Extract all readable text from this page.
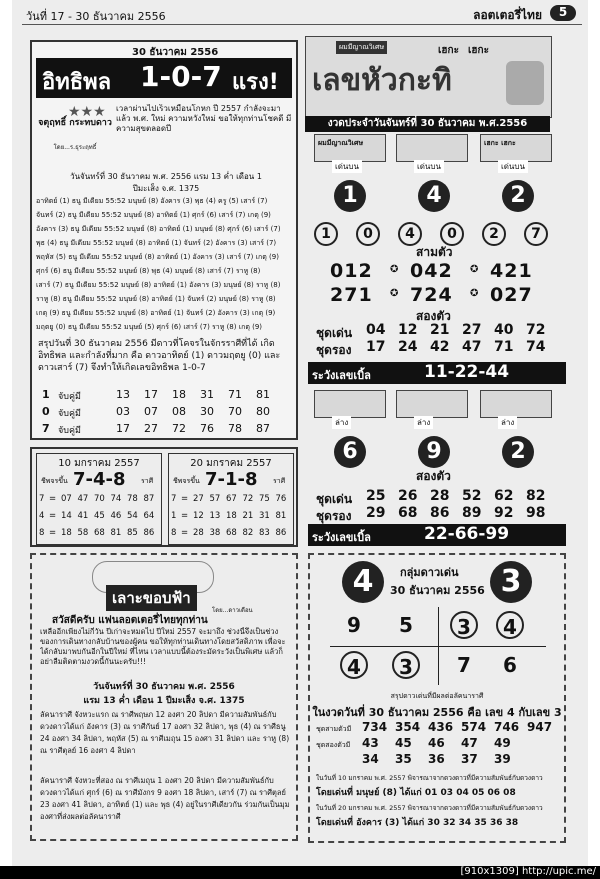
วันที่ 17 - 30 ธันวาคม 2556	ลอตเตอรี่ไทย	5
30 ธันวาคม 2556
อิทธิพล 1-0-7 แรง!
★★★
จตุฤทธิ์ กระทบดาว
โดย...ร.ธุระฤทธิ์
เวลาผ่านไปเร็วเหมือนโกหก ปี 2557 กำลังจะมาแล้ว พ.ศ. ใหม่ ความหวังใหม่ ขอให้ทุกท่านโชคดี มีความสุขตลอดปี
วันจันทร์ที่ 30 ธันวาคม พ.ศ. 2556 แรม 13 ค่ำ เดือน 1
ปีมะเส็ง จ.ศ. 1375
อาทิตย์ (1) ธนู มีเดียม 55:52 มนุษย์ (8) อังคาร (3) พุธ (4) ครู (5) เสาร์ (7)
จันทร์ (2) ธนู มีเดียม 55:52 มนุษย์ (8) อาทิตย์ (1) ศุกร์ (6) เสาร์ (7) เกตุ (9)
อังคาร (3) ธนู มีเดียม 55:52 มนุษย์ (8) อาทิตย์ (1) มนุษย์ (8) ศุกร์ (6) เสาร์ (7)
พุธ (4) ธนู มีเดียม 55:52 มนุษย์ (8) อาทิตย์ (1) จันทร์ (2) อังคาร (3) เสาร์ (7)
พฤหัส (5) ธนู มีเดียม 55:52 มนุษย์ (8) อาทิตย์ (1) อังคาร (3) เสาร์ (7) เกตุ (9)
ศุกร์ (6) ธนู มีเดียม 55:52 มนุษย์ (8) พุธ (4) มนุษย์ (8) เสาร์ (7) ราหู (8)
เสาร์ (7) ธนู มีเดียม 55:52 มนุษย์ (8) อาทิตย์ (1) อังคาร (3) มนุษย์ (8) ราหู (8)
ราหู (8) ธนู มีเดียม 55:52 มนุษย์ (8) อาทิตย์ (1) จันทร์ (2) มนุษย์ (8) ราหู (8)
เกตุ (9) ธนู มีเดียม 55:52 มนุษย์ (8) อาทิตย์ (1) จันทร์ (2) อังคาร (3) เกตุ (9)
มฤตยู (0) ธนู มีเดียม 55:52 มนุษย์ (5) ศุกร์ (6) เสาร์ (7) ราหู (8) เกตุ (9)
สรุปวันที่ 30 ธันวาคม 2556 มีดาวที่โคจรในจักรราศีที่ได้ เกิดอิทธิพล และกำลังที่มาก คือ ดาวอาทิตย์ (1) ดาวมฤตยู (0) และ ดาวเสาร์ (7) จึงทำให้เกิดเลขอิทธิพล 1-0-7
1 จับคู่มี	13 17 18 31 71 81
0 จับคู่มี	03 07 08 30 70 80
7 จับคู่มี	17 27 72 76 78 87
10 มกราคม 2557
ชีพจรขึ้น 7-4-8 ราศี
7 = 07 47 70 74 78 87
4 = 14 41 45 46 54 64
8 = 18 58 68 81 85 86
20 มกราคม 2557
ชีพจรขึ้น 7-1-8 ราศี
7 = 27 57 67 72 75 76
1 = 12 13 18 21 31 81
8 = 28 38 68 82 83 86
เลาะขอบฟ้า
โดย...ดาวเดือน
สวัสดีครับ แฟนลอตเตอรี่ไทยทุกท่าน
เหลืออีกเพียงไม่กี่วัน ปีเก่าจะหมดไป ปีใหม่ 2557 จะมาถึง ช่วงนี้จึงเป็นช่วงของการเดินทางกลับบ้านของผู้คน ขอให้ทุกท่านเดินทางโดยสวัสดิภาพ เพื่อจะได้กลับมาพบกันอีกในปีใหม่ ที่ไหน เวลาแบบนี้ต้องระมัดระวังเป็นพิเศษ แล้วก็อย่าลืมติดตามงวดนี้กันนะครับ!!!
วันจันทร์ที่ 30 ธันวาคม พ.ศ. 2556
แรม 13 ค่ำ เดือน 1 ปีมะเส็ง จ.ศ. 1375
ลัคนาราศี จังหวะแรก ณ ราศีพฤษภ 12 องศา 20 ลิปดา มีความสัมพันธ์กับดวงดาวได้แก่ อังคาร (3) ณ ราศีกันย์ 17 องศา 32 ลิปดา, พุธ (4) ณ ราศีธนู 24 องศา 34 ลิปดา, พฤหัส (5) ณ ราศีเมถุน 15 องศา 31 ลิปดา และ ราหู (8) ณ ราศีตุลย์ 16 องศา 4 ลิปดา
ลัคนาราศี จังหวะที่สอง ณ ราศีเมถุน 1 องศา 20 ลิปดา มีความสัมพันธ์กับดวงดาวได้แก่ ศุกร์ (6) ณ ราศีมังกร 9 องศา 18 ลิปดา, เสาร์ (7) ณ ราศีตุลย์ 23 องศา 41 ลิปดา, อาทิตย์ (1) และ พุธ (4) อยู่ในราศีเดียวกัน ร่วมกันเป็นมุมองศาที่ส่งผลต่อลัคนาราศี
ผมมีญาณวิเศษ	เฮกะ เฮกะ
เลขหัวกะทิ
งวดประจำวันจันทร์ที่ 30 ธันวาคม พ.ศ.2556
เด่นบน	เด่นบน	เด่นบน
ผมมีญาณวิเศษ	เฮกะ เฮกะ
1	4	2
1	0	4	0	2	7
สามตัว
012 ✪ 042 ✪ 421
271 ✪ 724 ✪ 027
สองตัว
ชุดเด่น 04 12 21 27 40 72
ชุดรอง 17 24 42 47 71 74
ระวังเลขเบิ้ล	11-22-44
ล่าง	ล่าง	ล่าง
6	9	2
สองตัว
ชุดเด่น 25 26 28 52 62 82
ชุดรอง 29 68 86 89 92 98
ระวังเลขเบิ้ล	22-66-99
4	3
กลุ่มดาวเด่น
30 ธันวาคม 2556
9	5	3	4
4	3	7	6
สรุปดาวเด่นที่มีผลต่อลัคนาราศี
ในงวดวันที่ 30 ธันวาคม 2556 คือ เลข 4 กับเลข 3
ชุดสามตัวมี 734 354 436 574 746 947
ชุดสองตัวมี 43 45 46 47 49
34 35 36 37 39
ในวันที่ 10 มกราคม พ.ศ. 2557 พิจารณาจากดวงดาวที่มีความสัมพันธ์กับดวงดาว
โดยเด่นที่ มนุษย์ (8) ได้แก่ 01 03 04 05 06 08
ในวันที่ 20 มกราคม พ.ศ. 2557 พิจารณาจากดวงดาวที่มีความสัมพันธ์กับดวงดาว
โดยเด่นที่ อังคาร (3) ได้แก่ 30 32 34 35 36 38
[910x1309] http://upic.me/
